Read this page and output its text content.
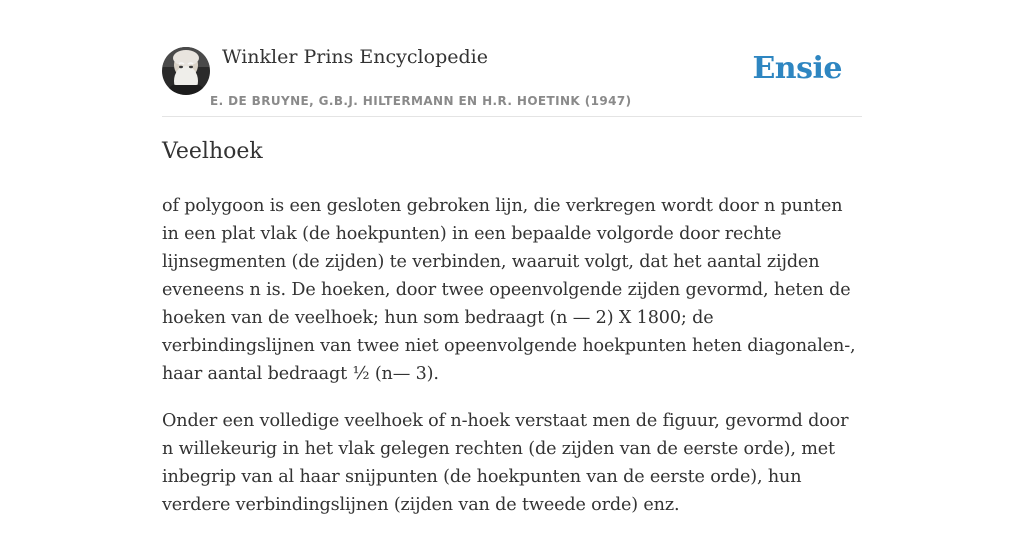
Winkler Prins Encyclopedie
E. DE BRUYNE, G.B.J. HILTERMANN EN H.R. HOETINK (1947)
Ensie
Veelhoek

of polygoon is een gesloten gebroken lijn, die verkregen wordt door n punten in een plat vlak (de hoekpunten) in een bepaalde volgorde door rechte lijnsegmenten (de zijden) te verbinden, waaruit volgt, dat het aantal zijden eveneens n is. De hoeken, door twee opeenvolgende zijden gevormd, heten de hoeken van de veelhoek; hun som bedraagt (n — 2) X 1800; de verbindingslijnen van twee niet opeenvolgende hoekpunten heten diagonalen-, haar aantal bedraagt ½ (n— 3).

Onder een volledige veelhoek of n-hoek verstaat men de figuur, gevormd door n willekeurig in het vlak gelegen rechten (de zijden van de eerste orde), met inbegrip van al haar snijpunten (de hoekpunten van de eerste orde), hun verdere verbindingslijnen (zijden van de tweede orde) enz.
